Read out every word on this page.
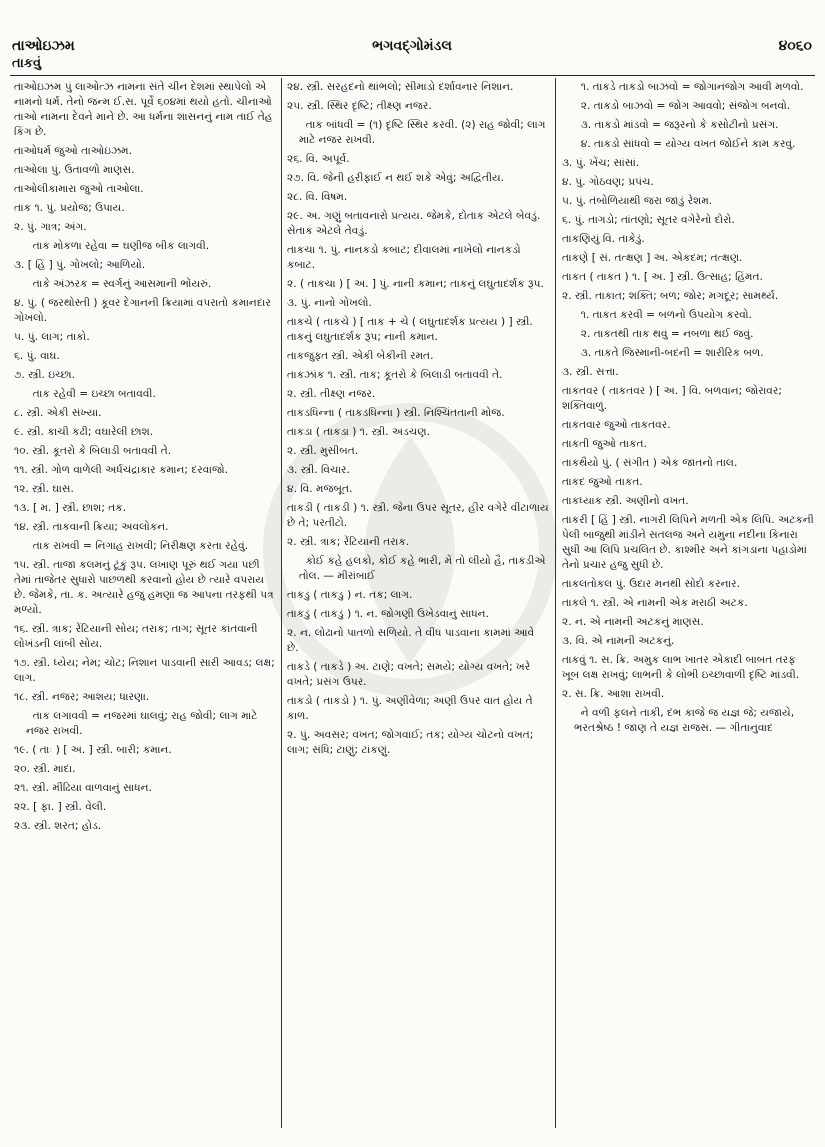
તાઓઇઝમ	ભગવદ્ગોમંડલ	૪૦૬૦
તાકવું

તાઓઇઝમ પું લાઓત્ઝ નામના સંતે ચીન દેશમાં સ્થાપેલો એ નામનો ધર્મ. તેનો જન્મ ઈ.સ. પૂર્વે ૬૦૪માં થયો હતો. ચીનાઓ તાઓ નામના દેવને માને છે. આ ધર્મના શાસનનું નામ તાઈ તેહ કિંગ છે.

તાઓધર્મ જુઓ તાઓઇઝમ.

તાઓલા પું. ઉતાવળો માણસ.

તાઓલીકામારા જુઓ તાઓલા.

તાક ૧. પું. પ્રયોજ; ઉપાય.

૨. પું. ગાત્ર; અંગ.

તાક મોકળા રહેવા = ઘણીજ બીક લાગવી.

૩. [ હિં ] પું. ગોખલો; આળિયો.

તાકે અંઝરક = સ્વર્ગનું આસમાની ભોંયરું.

૪. પું. ( જરથોસ્તી ) કૂવર દેગાનની ક્રિયામાં વપરાતો કમાનદાર ગોખલો.

૫. પું. લાગ; તાકો.

૬. પું. વાઘ.

૭. સ્ત્રી. ઇચ્છા.

તાક રહેવી = ઇચ્છા બતાવવી.

૮. સ્ત્રી. એકી સંખ્યા.

૯. સ્ત્રી. કાચી કઢી; વઘારેલી છાશ.

૧૦. સ્ત્રી. કૂતરો કે બિલાડી બતાવવી તે.

૧૧. સ્ત્રી. ગોળ વાળેલી અર્ધચંદ્રાકાર કમાન; દરવાજો.

૧૨. સ્ત્રી. ઘાસ.

૧૩. [ મ. ] સ્ત્રી. છાશ; તક.

૧૪. સ્ત્રી. તાકવાની ક્રિયા; અવલોકન.

તાક રાખવી = નિગાહ રાખવી; નિરીક્ષણ કરતા રહેવું.

૧૫. સ્ત્રી. તાજા કલમનું ટૂંકું રૂપ. લખાણ પૂરું થઈ ગયા પછી તેમાં તાજેતર સુધારો પાછળથી કરવાનો હોય છે ત્યારે વપરાય છે. જેમકે, તા. ક. અત્યારે હજુ હમણાં જ આપના તરફથી પત્ર મળ્યો.

૧૬. સ્ત્રી. ત્રાક; રેંટિયાની સોય; તરાક; તાગ; સૂતર કાંતવાની લોખંડની લાંબી સોય.

૧૭. સ્ત્રી. ધ્યેય; નેમ; ચોટ; નિશાન પાડવાની સારી આવડ; લક્ષ; લાગ.

૧૮. સ્ત્રી. નજર; આશય; ધારણા.

તાક લગાવવી = નજરમાં ઘાલવું; રાહ જોવી; લાગ માટે નજર રાખવી.

૧૯. ( તાઃ ) [ અ. ] સ્ત્રી. બારી; કમાન.

૨૦. સ્ત્રી. માદા.

૨૧. સ્ત્રી. મીંઢિયા વાળવાનું સાધન.

૨૨. [ ફા. ] સ્ત્રી. વેલી.

૨૩. સ્ત્રી. શરત; હોડ.

૨૪. સ્ત્રી. સરહદનો થાંભલો; સીમાડો દર્શાવનાર નિશાન.

૨૫. સ્ત્રી. સ્થિર દૃષ્ટિ; તીક્ષ્ણ નજર.

તાક બાંધવી = (૧) દૃષ્ટિ સ્થિર કરવી. (૨) રાહ જોવી; લાગ માટે નજર રાખવી.

૨૬. વિ. અપૂર્વ.

૨૭. વિ. જેની હરીફાઈ ન થઈ શકે એવું; અદ્વિતીય.

૨૮. વિ. વિષમ.

૨૯. અ. ગણું બતાવનારો પ્રત્યય. જેમકે, દોતાક એટલે બેવડું. સેતાક એટલે તેવડું.

તાકચા ૧. પું. નાનકડો કબાટ; દીવાલમાં નાખેલો નાનકડો કબાટ.

૨. ( તાકચા ) [ અ. ] પું. નાની કમાન; તાકનું લઘુતાદર્શક રૂપ.

૩. પું. નાનો ગોખલો.

તાકચે ( તાકચે ) [ તાક + ચે ( લઘુતાદર્શક પ્રત્યય ) ] સ્ત્રી. તાકનું લઘુતાદર્શક રૂપ; નાની કમાન.

તાકજુફ્ત સ્ત્રી. એકી બેકીની રમત.

તાકઝાંક ૧. સ્ત્રી. તાક; કૂતરો કે બિલાડી બતાવવી તે.

૨. સ્ત્રી. તીક્ષ્ણ નજર.

તાકડધિન્ના ( તાકડધિન્ના ) સ્ત્રી. નિશ્ચિંતતાની મોજ.

તાકડા ( તાકડા ) ૧. સ્ત્રી. અડચણ.

૨. સ્ત્રી. મુસીબત.

૩. સ્ત્રી. વિચાર.

૪. વિ. મજબૂત.

તાકડી ( તાકડી ) ૧. સ્ત્રી. જેના ઉપર સૂતર, હીર વગેરે વીંટાળાય છે તે; પરતીટો.

૨. સ્ત્રી. ત્રાક; રેંટિયાની તરાક.

કોઈ કહે હલકો, કોઈ કહે ભારી, મેં તો લીયો હૈ, તાકડીએ તોલ. — મીરાંબાઈ

તાકડુ ( તાકડુ ) ન. તક; લાગ.

તાકડું ( તાકડું ) ૧. ન. જોગણી ઉખેડવાનું સાધન.

૨. ન. લોઢાનો પાતળો સળિયો. તે વીંધ પાડવાના કામમાં આવે છે.

તાકડે ( તાકડે ) અ. ટાણે; વખતે; સમયે; યોગ્ય વખતે; ખરે વખતે; પ્રસંગ ઉપર.

તાકડો ( તાકડો ) ૧. પું. અણીવેળા; અણી ઉપર વાત હોય તે કાળ.

૨. પું. અવસર; વખત; જોગવાઈ; તક; યોગ્ય ચોટનો વખત; લાગ; સંધિ; ટાણું; ટાંકણું.

૧. તાકડે તાકડો બાઝવો = જોગાનજોગ આવી મળવો.

૨. તાકડો બાઝવો = જોગ આવવો; સંજોગ બનવો.

૩. તાકડો માંડવો = જરૂરનો કે કસોટીનો પ્રસંગ.

૪. તાકડો સાંધવો = યોગ્ય વખત જોઈને કામ કરવું.

૩. પું. ખેંચ; સાંસાં.

૪. પું. ગોઠવણ; પ્રપંચ.

૫. પું. તંબોળિયાથી જરા જાડું રેશમ.

૬. પું. તાગડો; તાંતણો; સૂતર વગેરેનો દોરો.

તાકણિયું વિ. તાકેડું.

તાકણે [ સં. તત્ક્ષણ ] અ. એકદમ; તત્ક્ષણ.

તાકત ( તાકત ) ૧. [ અ. ] સ્ત્રી. ઉત્સાહ; હિંમત.

૨. સ્ત્રી. તાકાત; શક્તિ; બળ; જોર; મગદૂર; સામર્થ્ય.

૧. તાકત કરવી = બળનો ઉપયોગ કરવો.

૨. તાકતથી તાક થવું = નબળા થઈ જવું.

૩. તાકતે જિસ્માની-બદની = શારીરિક બળ.

૩. સ્ત્રી. સત્તા.

તાકતવર ( તાકતવર ) [ અ. ] વિ. બળવાન; જોરાવર; શક્તિવાળું.

તાકતવાર જુઓ તાકતવર.

તાકતી જુઓ તાકત.

તાકથૈયો પું. ( સંગીત ) એક જાતનો તાલ.

તાકદ જુઓ તાકત.

તાકધ્યાક સ્ત્રી. અણીનો વખત.

તાકરી [ હિં ] સ્ત્રી. નાગરી લિપિને મળતી એક લિપિ. અટકની પેલી બાજુથી માંડીને સતલજ અને યમુના નદીના કિનારા સુધી આ લિપિ પ્રચલિત છે. કાશ્મીર અને કાંગડાના પહાડોમાં તેનો પ્રચાર હજુ સુધી છે.

તાકલતોકલ પું. ઉદાર મનથી સોદો કરનાર.

તાકલે ૧. સ્ત્રી. એ નામની એક મરાઠી અટક.

૨. ન. એ નામની અટકનું માણસ.

૩. વિ. એ નામની અટકનું.

તાકવું ૧. સ. ક્રિ. અમુક લાભ ખાતર એકાદી બાબત તરફ ખૂબ લક્ષ રાખવું; લાભની કે લોભી ઇચ્છાવાળી દૃષ્ટિ માંડવી.

૨. સ. ક્રિ. આશા રાખવી.

ને વળી ફલને તાકી, દંભ કાજે જ યજ્ઞ જે; યજાયે, ભરતશ્રેષ્ઠ ! જાણ તે યજ્ઞ રાજસ. — ગીતાનુવાદ
